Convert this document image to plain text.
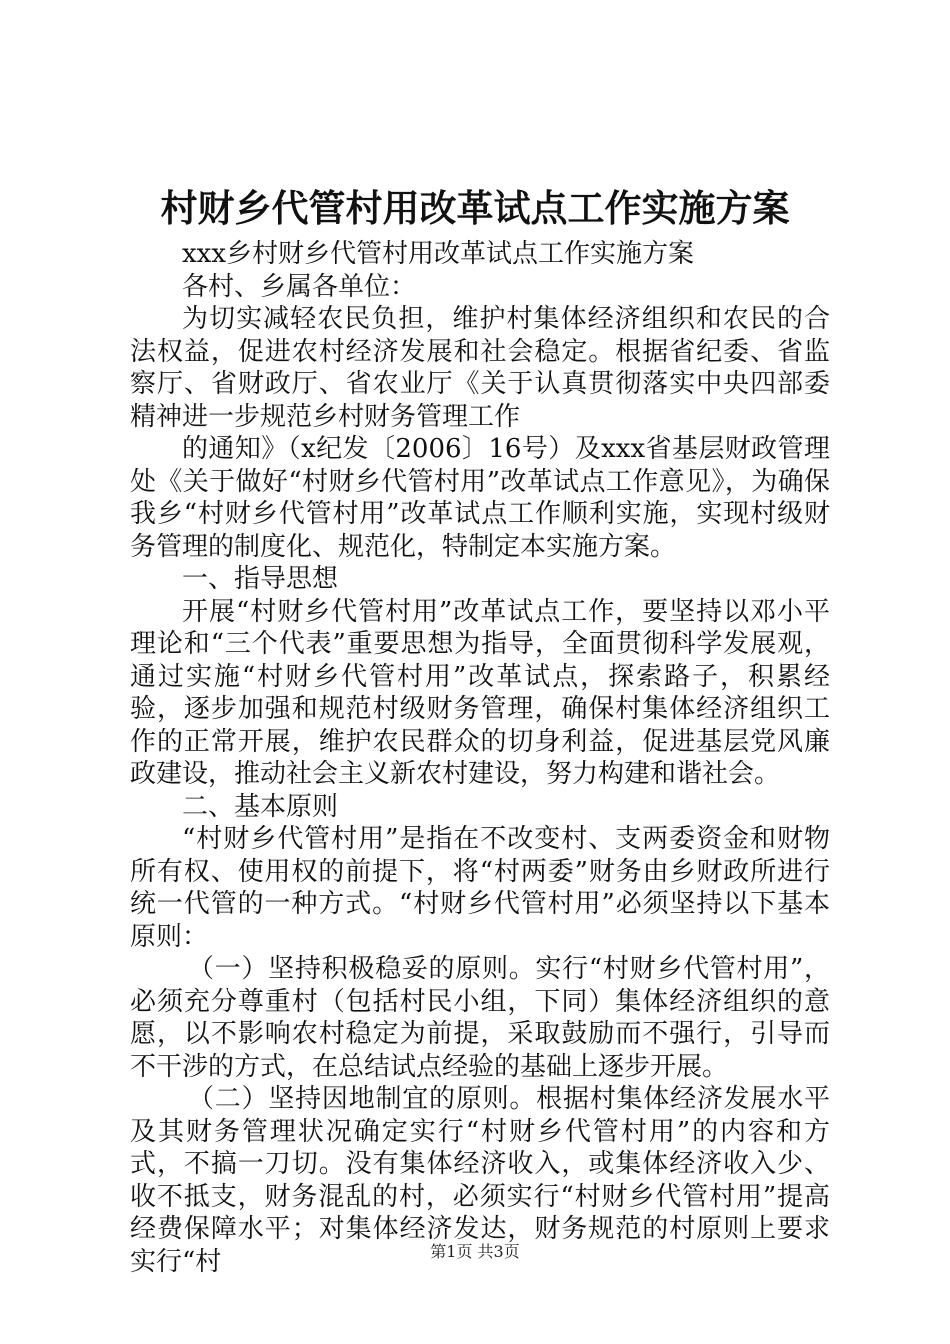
村财乡代管村用改革试点工作实施方案

xxx乡村财乡代管村用改革试点工作实施方案

各村、乡属各单位：

为切实减轻农民负担，维护村集体经济组织和农民的合法权益，促进农村经济发展和社会稳定。根据省纪委、省监察厅、省财政厅、省农业厅《关于认真贯彻落实中央四部委精神进一步规范乡村财务管理工作

的通知》（x纪发〔2006〕16号）及xxx省基层财政管理处《关于做好“村财乡代管村用”改革试点工作意见》，为确保我乡“村财乡代管村用”改革试点工作顺利实施，实现村级财务管理的制度化、规范化，特制定本实施方案。

一、指导思想

开展“村财乡代管村用”改革试点工作，要坚持以邓小平理论和“三个代表”重要思想为指导，全面贯彻科学发展观，通过实施“村财乡代管村用”改革试点，探索路子，积累经验，逐步加强和规范村级财务管理，确保村集体经济组织工作的正常开展，维护农民群众的切身利益，促进基层党风廉政建设，推动社会主义新农村建设，努力构建和谐社会。

二、基本原则

“村财乡代管村用”是指在不改变村、支两委资金和财物所有权、使用权的前提下，将“村两委”财务由乡财政所进行统一代管的一种方式。“村财乡代管村用”必须坚持以下基本原则：

（一）坚持积极稳妥的原则。实行“村财乡代管村用”，必须充分尊重村（包括村民小组，下同）集体经济组织的意愿，以不影响农村稳定为前提，采取鼓励而不强行，引导而不干涉的方式，在总结试点经验的基础上逐步开展。

（二）坚持因地制宜的原则。根据村集体经济发展水平及其财务管理状况确定实行“村财乡代管村用”的内容和方式，不搞一刀切。没有集体经济收入，或集体经济收入少、收不抵支，财务混乱的村，必须实行“村财乡代管村用”提高经费保障水平；对集体经济发达，财务规范的村原则上要求实行“村	第1页 共3页
